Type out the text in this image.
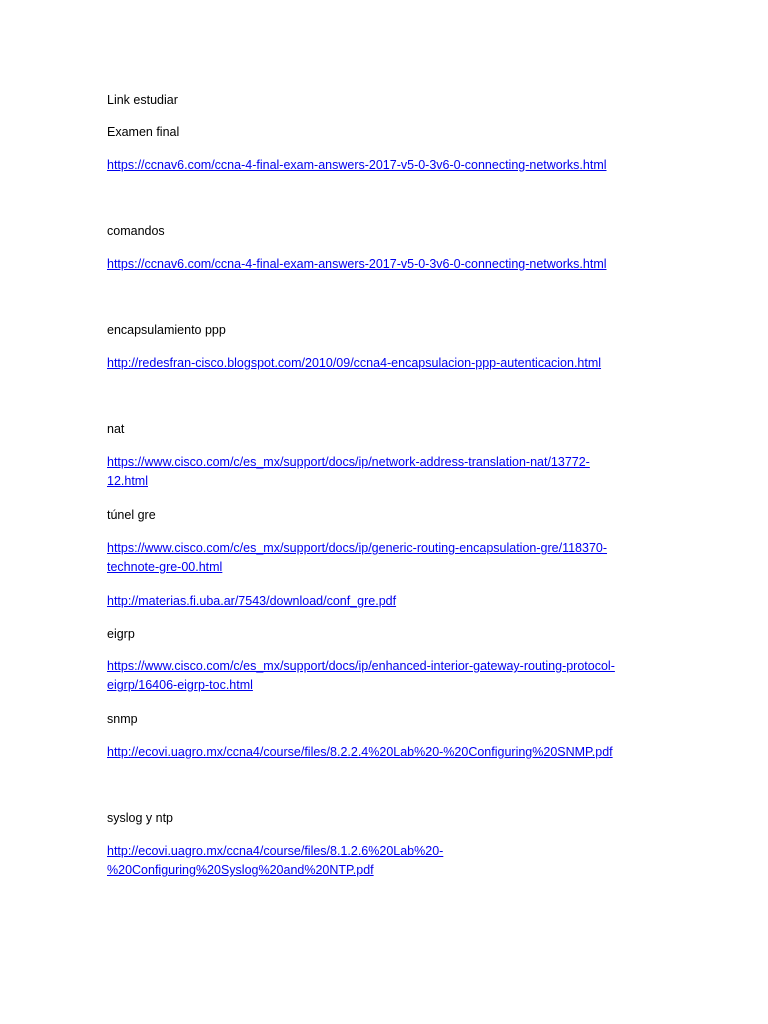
Link estudiar
Examen final
https://ccnav6.com/ccna-4-final-exam-answers-2017-v5-0-3v6-0-connecting-networks.html
comandos
https://ccnav6.com/ccna-4-final-exam-answers-2017-v5-0-3v6-0-connecting-networks.html
encapsulamiento ppp
http://redesfran-cisco.blogspot.com/2010/09/ccna4-encapsulacion-ppp-autenticacion.html
nat
https://www.cisco.com/c/es_mx/support/docs/ip/network-address-translation-nat/13772-12.html
túnel gre
https://www.cisco.com/c/es_mx/support/docs/ip/generic-routing-encapsulation-gre/118370-technote-gre-00.html
http://materias.fi.uba.ar/7543/download/conf_gre.pdf
eigrp
https://www.cisco.com/c/es_mx/support/docs/ip/enhanced-interior-gateway-routing-protocol-eigrp/16406-eigrp-toc.html
snmp
http://ecovi.uagro.mx/ccna4/course/files/8.2.2.4%20Lab%20-%20Configuring%20SNMP.pdf
syslog y ntp
http://ecovi.uagro.mx/ccna4/course/files/8.1.2.6%20Lab%20-%20Configuring%20Syslog%20and%20NTP.pdf
